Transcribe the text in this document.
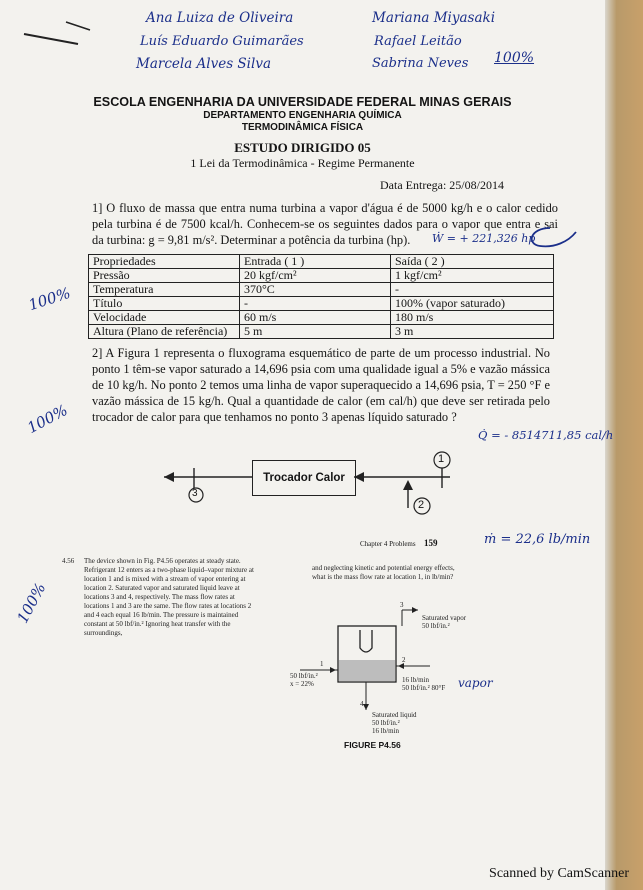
Ana Luiza de Oliveira
Luís Eduardo Guimarães
Marcela Alves Silva
Mariana Miyasaki
Rafael Leitão
Sabrina Neves 100%
ESCOLA ENGENHARIA DA UNIVERSIDADE FEDERAL MINAS GERAIS
DEPARTAMENTO ENGENHARIA QUÍMICA
TERMODINÂMICA FÍSICA
ESTUDO DIRIGIDO 05
1 Lei da Termodinâmica - Regime Permanente
Data Entrega: 25/08/2014

1] O fluxo de massa que entra numa turbina a vapor d'água é de 5000 kg/h e o calor cedido pela turbina é de 7500 kcal/h. Conhecem-se os seguintes dados para o vapor que entra e sai da turbina: g = 9,81 m/s². Determinar a potência da turbina (hp).	Ẇ = + 221,326 hp
Propriedades	Entrada ( 1 )	Saída ( 2 )
Pressão	20 kgf/cm²	1 kgf/cm²
Temperatura	370°C	-
Título	-	100% (vapor saturado)
Velocidade	60 m/s	180 m/s
Altura (Plano de referência)	5 m	3 m
100%

2] A Figura 1 representa o fluxograma esquemático de parte de um processo industrial. No ponto 1 têm-se vapor saturado a 14,696 psia com uma qualidade igual a 5% e vazão mássica de 10 kg/h. No ponto 2 temos uma linha de vapor superaquecido a 14,696 psia, T = 250 °F e vazão mássica de 15 kg/h. Qual a quantidade de calor (em cal/h) que deve ser retirada pelo trocador de calor para que tenhamos no ponto 3 apenas líquido saturado ?

100%	Q̇ = - 8514711,85 cal/h
Trocador Calor
3
1
2
Chapter 4 Problems 159	ṁ = 22,6 lb/min
4.56 The device shown in Fig. P4.56 operates at steady state. Refrigerant 12 enters as a two-phase liquid–vapor mixture at location 1 and is mixed with a stream of vapor entering at location 2. Saturated vapor and saturated liquid leave at locations 3 and 4, respectively. The mass flow rates at locations 1 and 3 are the same. The flow rates at locations 2 and 4 each equal 16 lb/min. The pressure is maintained constant at 50 lbf/in.² Ignoring heat transfer with the surroundings,
and neglecting kinetic and potential energy effects, what is the mass flow rate at location 1, in lb/min?
100%	3
Saturated vapor
50 lbf/in.²
1
50 lbf/in.²
x = 22%
2
16 lb/min
50 lbf/in.² 80°F vapor
4
Saturated liquid
50 lbf/in.²
16 lb/min
FIGURE P4.56
Scanned by CamScanner
